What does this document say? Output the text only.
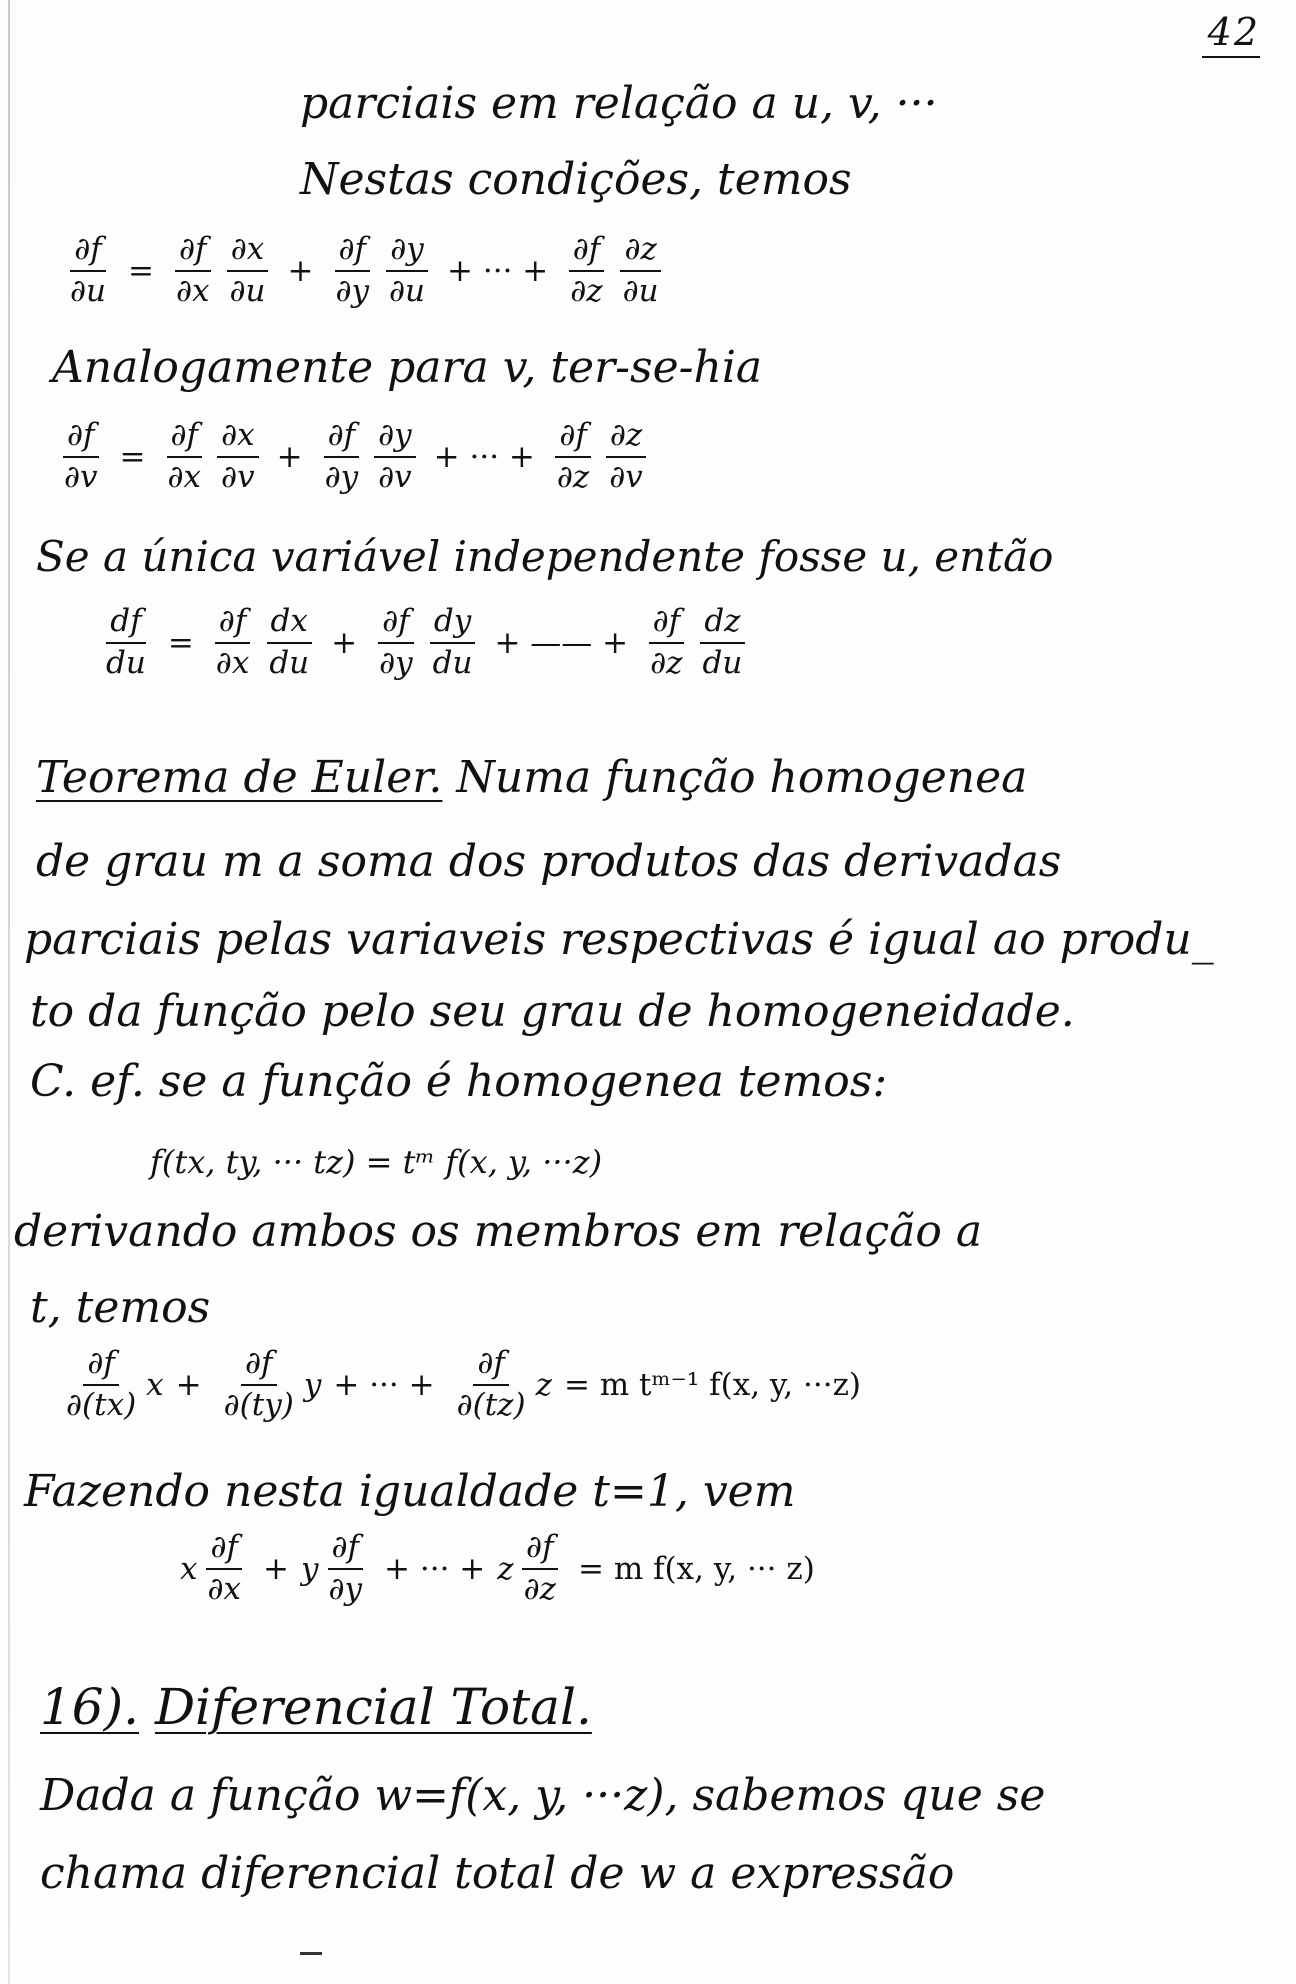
42
parciais em relação a u, v, ···
Nestas condições, temos
$\frac{\partial f}{\partial u} = \frac{\partial f}{\partial x} \frac{\partial x}{\partial u} + \frac{\partial f}{\partial y} \frac{\partial y}{\partial u}$ + ··· + $\frac{\partial f}{\partial z} \frac{\partial z}{\partial u}$
Analogamente para v, ter-se-hia
$\frac{\partial f}{\partial v} = \frac{\partial f}{\partial x} \frac{\partial x}{\partial v} + \frac{\partial f}{\partial y} \frac{\partial y}{\partial v}$ + ··· + $\frac{\partial f}{\partial z} \frac{\partial z}{\partial v}$
Se a única variável independente fosse u, então
$\frac{df}{du} = \frac{\partial f}{\partial x} \frac{dx}{du} + \frac{\partial f}{\partial y} \frac{dy}{du}$ + —— + $\frac{\partial f}{\partial z} \frac{dz}{du}$
Teorema de Euler. Numa função homogenea
de grau m a soma dos produtos das derivadas
parciais pelas variaveis respectivas é igual ao produ_
to da função pelo seu grau de homogeneidade.
C. ef. se a função é homogenea temos:
f(tx, ty, ··· tz) = tᵐ f(x, y, ···z)
derivando ambos os membros em relação a
t, temos
$\frac{\partial f}{\partial(tx)}$ $x + \frac{\partial f}{\partial(ty)}$ y + ··· + $\frac{\partial f}{\partial(tz)}$ z = m tᵐ⁻¹ f(x, y, ···z)
Fazendo nesta igualdade t=1, vem
x $\frac{\partial f}{\partial x} + y \frac{\partial f}{\partial y}$ + ··· + z $\frac{\partial f}{\partial z} = m$ f(x, y, ··· z)
16). Diferencial Total.
Dada a função w=f(x, y, ···z), sabemos que se
chama diferencial total de w a expressão
